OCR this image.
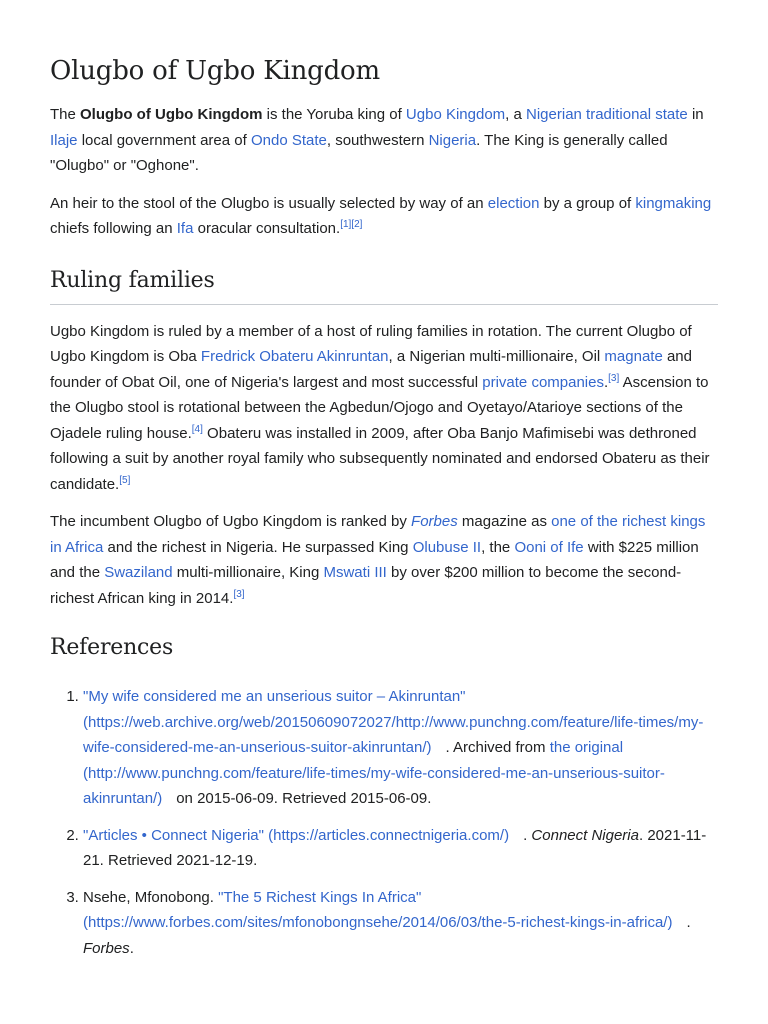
Olugbo of Ugbo Kingdom

The Olugbo of Ugbo Kingdom is the Yoruba king of Ugbo Kingdom, a Nigerian traditional state in Ilaje local government area of Ondo State, southwestern Nigeria. The King is generally called "Olugbo" or "Oghone".

An heir to the stool of the Olugbo is usually selected by way of an election by a group of kingmaking chiefs following an Ifa oracular consultation.[1][2]

Ruling families

Ugbo Kingdom is ruled by a member of a host of ruling families in rotation. The current Olugbo of Ugbo Kingdom is Oba Fredrick Obateru Akinruntan, a Nigerian multi-millionaire, Oil magnate and founder of Obat Oil, one of Nigeria's largest and most successful private companies.[3] Ascension to the Olugbo stool is rotational between the Agbedun/Ojogo and Oyetayo/Atarioye sections of the Ojadele ruling house.[4] Obateru was installed in 2009, after Oba Banjo Mafimisebi was dethroned following a suit by another royal family who subsequently nominated and endorsed Obateru as their candidate.[5]

The incumbent Olugbo of Ugbo Kingdom is ranked by Forbes magazine as one of the richest kings in Africa and the richest in Nigeria. He surpassed King Olubuse II, the Ooni of Ife with $225 million and the Swaziland multi-millionaire, King Mswati III by over $200 million to become the second-richest African king in 2014.[3]

References
1. "My wife considered me an unserious suitor – Akinruntan" (https://web.archive.org/web/20150609072027/http://www.punchng.com/feature/life-times/my-wife-considered-me-an-unserious-suitor-akinruntan/) . Archived from the original (http://www.punchng.com/feature/life-times/my-wife-considered-me-an-unserious-suitor-akinruntan/) on 2015-06-09. Retrieved 2015-06-09.
2. "Articles • Connect Nigeria" (https://articles.connectnigeria.com/) . Connect Nigeria. 2021-11-21. Retrieved 2021-12-19.
3. Nsehe, Mfonobong. "The 5 Richest Kings In Africa" (https://www.forbes.com/sites/mfonobongnsehe/2014/06/03/the-5-richest-kings-in-africa/) . Forbes.
